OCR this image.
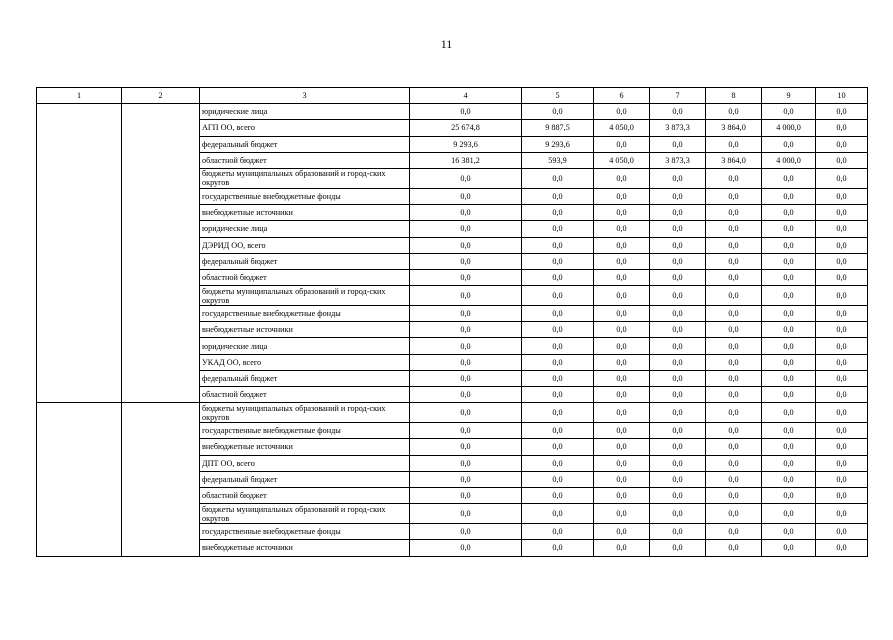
11
1	2	3	4	5	6	7	8	9	10
		юридические лица	0,0	0,0	0,0	0,0	0,0	0,0	0,0
		АГП ОО, всего	25 674,8	9 887,5	4 050,0	3 873,3	3 864,0	4 000,0	0,0
		федеральный бюджет	9 293,6	9 293,6	0,0	0,0	0,0	0,0	0,0
		областной бюджет	16 381,2	593,9	4 050,0	3 873,3	3 864,0	4 000,0	0,0
		бюджеты муниципальных образований и город-ских округов	0,0	0,0	0,0	0,0	0,0	0,0	0,0
		государственные внебюджетные фонды	0,0	0,0	0,0	0,0	0,0	0,0	0,0
		внебюджетные источники	0,0	0,0	0,0	0,0	0,0	0,0	0,0
		юридические лица	0,0	0,0	0,0	0,0	0,0	0,0	0,0
		ДЭРИД ОО, всего	0,0	0,0	0,0	0,0	0,0	0,0	0,0
		федеральный бюджет	0,0	0,0	0,0	0,0	0,0	0,0	0,0
		областной бюджет	0,0	0,0	0,0	0,0	0,0	0,0	0,0
		бюджеты муниципальных образований и город-ских округов	0,0	0,0	0,0	0,0	0,0	0,0	0,0
		государственные внебюджетные фонды	0,0	0,0	0,0	0,0	0,0	0,0	0,0
		внебюджетные источники	0,0	0,0	0,0	0,0	0,0	0,0	0,0
		юридические лица	0,0	0,0	0,0	0,0	0,0	0,0	0,0
		УКАД ОО, всего	0,0	0,0	0,0	0,0	0,0	0,0	0,0
		федеральный бюджет	0,0	0,0	0,0	0,0	0,0	0,0	0,0
		областной бюджет	0,0	0,0	0,0	0,0	0,0	0,0	0,0
		бюджеты муниципальных образований и город-ских округов	0,0	0,0	0,0	0,0	0,0	0,0	0,0
		государственные внебюджетные фонды	0,0	0,0	0,0	0,0	0,0	0,0	0,0
		внебюджетные источники	0,0	0,0	0,0	0,0	0,0	0,0	0,0
		ДПТ ОО, всего	0,0	0,0	0,0	0,0	0,0	0,0	0,0
		федеральный бюджет	0,0	0,0	0,0	0,0	0,0	0,0	0,0
		областной бюджет	0,0	0,0	0,0	0,0	0,0	0,0	0,0
		бюджеты муниципальных образований и город-ских округов	0,0	0,0	0,0	0,0	0,0	0,0	0,0
		государственные внебюджетные фонды	0,0	0,0	0,0	0,0	0,0	0,0	0,0
		внебюджетные источники	0,0	0,0	0,0	0,0	0,0	0,0	0,0
